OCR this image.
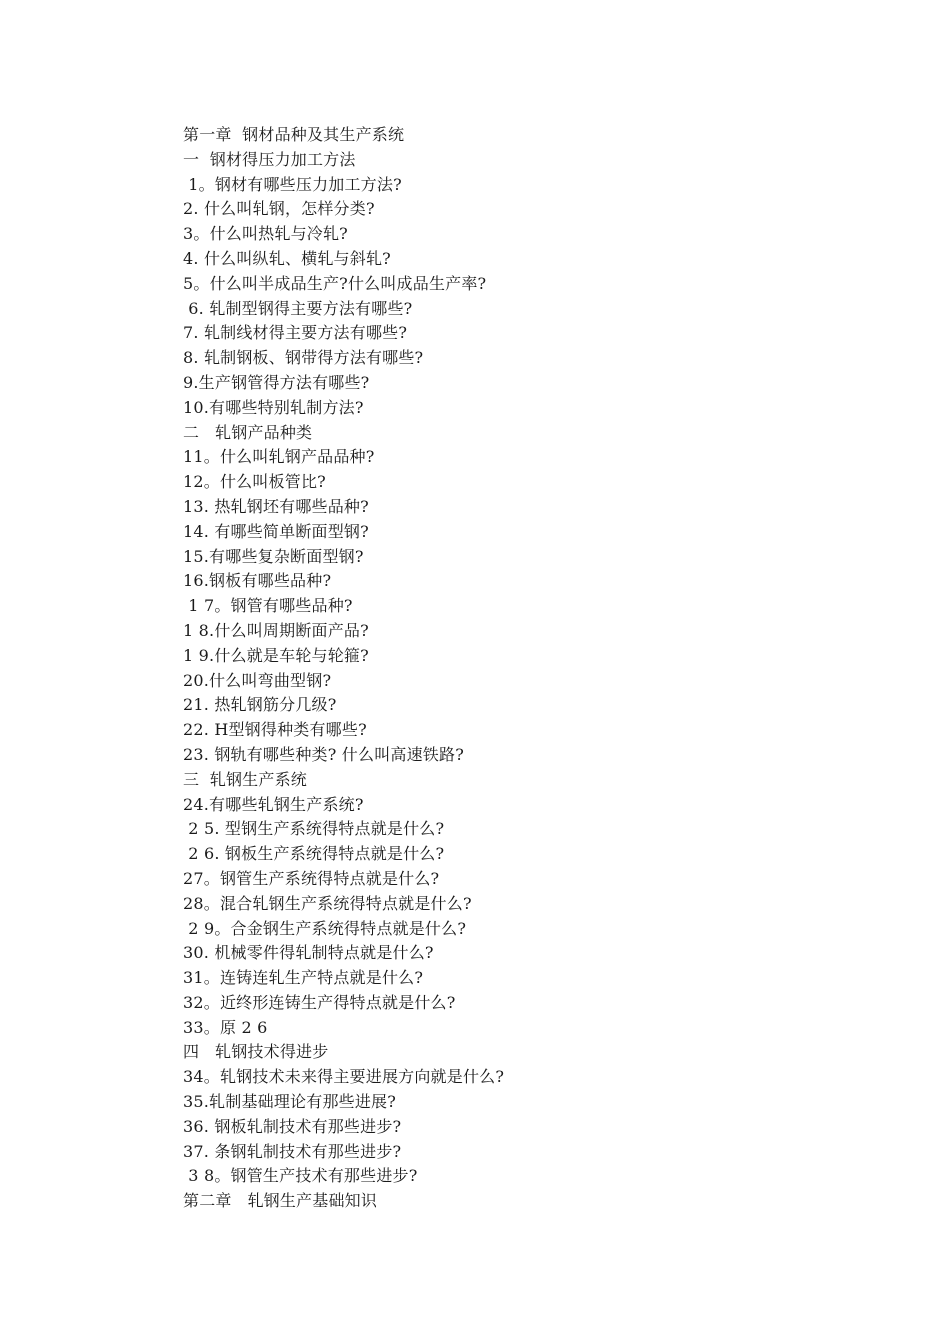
第一章  钢材品种及其生产系统
一  钢材得压力加工方法
1。钢材有哪些压力加工方法?
2. 什么叫轧钢，怎样分类?
3。什么叫热轧与冷轧?
4. 什么叫纵轧、横轧与斜轧?
5。什么叫半成品生产?什么叫成品生产率?
6. 轧制型钢得主要方法有哪些?
7. 轧制线材得主要方法有哪些?
8. 轧制钢板、钢带得方法有哪些?
9.生产钢管得方法有哪些?
10.有哪些特别轧制方法?
二   轧钢产品种类
11。什么叫轧钢产品品种?
12。什么叫板管比?
13. 热轧钢坯有哪些品种?
14. 有哪些简单断面型钢?
15.有哪些复杂断面型钢?
16.钢板有哪些品种?
1 7。钢管有哪些品种?
1 8.什么叫周期断面产品?
1 9.什么就是车轮与轮箍?
20.什么叫弯曲型钢?
21. 热轧钢筋分几级?
22. H型钢得种类有哪些?
23. 钢轨有哪些种类? 什么叫高速铁路?
三  轧钢生产系统
24.有哪些轧钢生产系统?
2 5. 型钢生产系统得特点就是什么?
2 6. 钢板生产系统得特点就是什么?
27。钢管生产系统得特点就是什么?
28。混合轧钢生产系统得特点就是什么?
2 9。合金钢生产系统得特点就是什么?
30. 机械零件得轧制特点就是什么?
31。连铸连轧生产特点就是什么?
32。近终形连铸生产得特点就是什么?
33。原 2 6
四   轧钢技术得进步
34。轧钢技术未来得主要进展方向就是什么?
35.轧制基础理论有那些进展?
36. 钢板轧制技术有那些进步?
37. 条钢轧制技术有那些进步?
3 8。钢管生产技术有那些进步?
第二章   轧钢生产基础知识
